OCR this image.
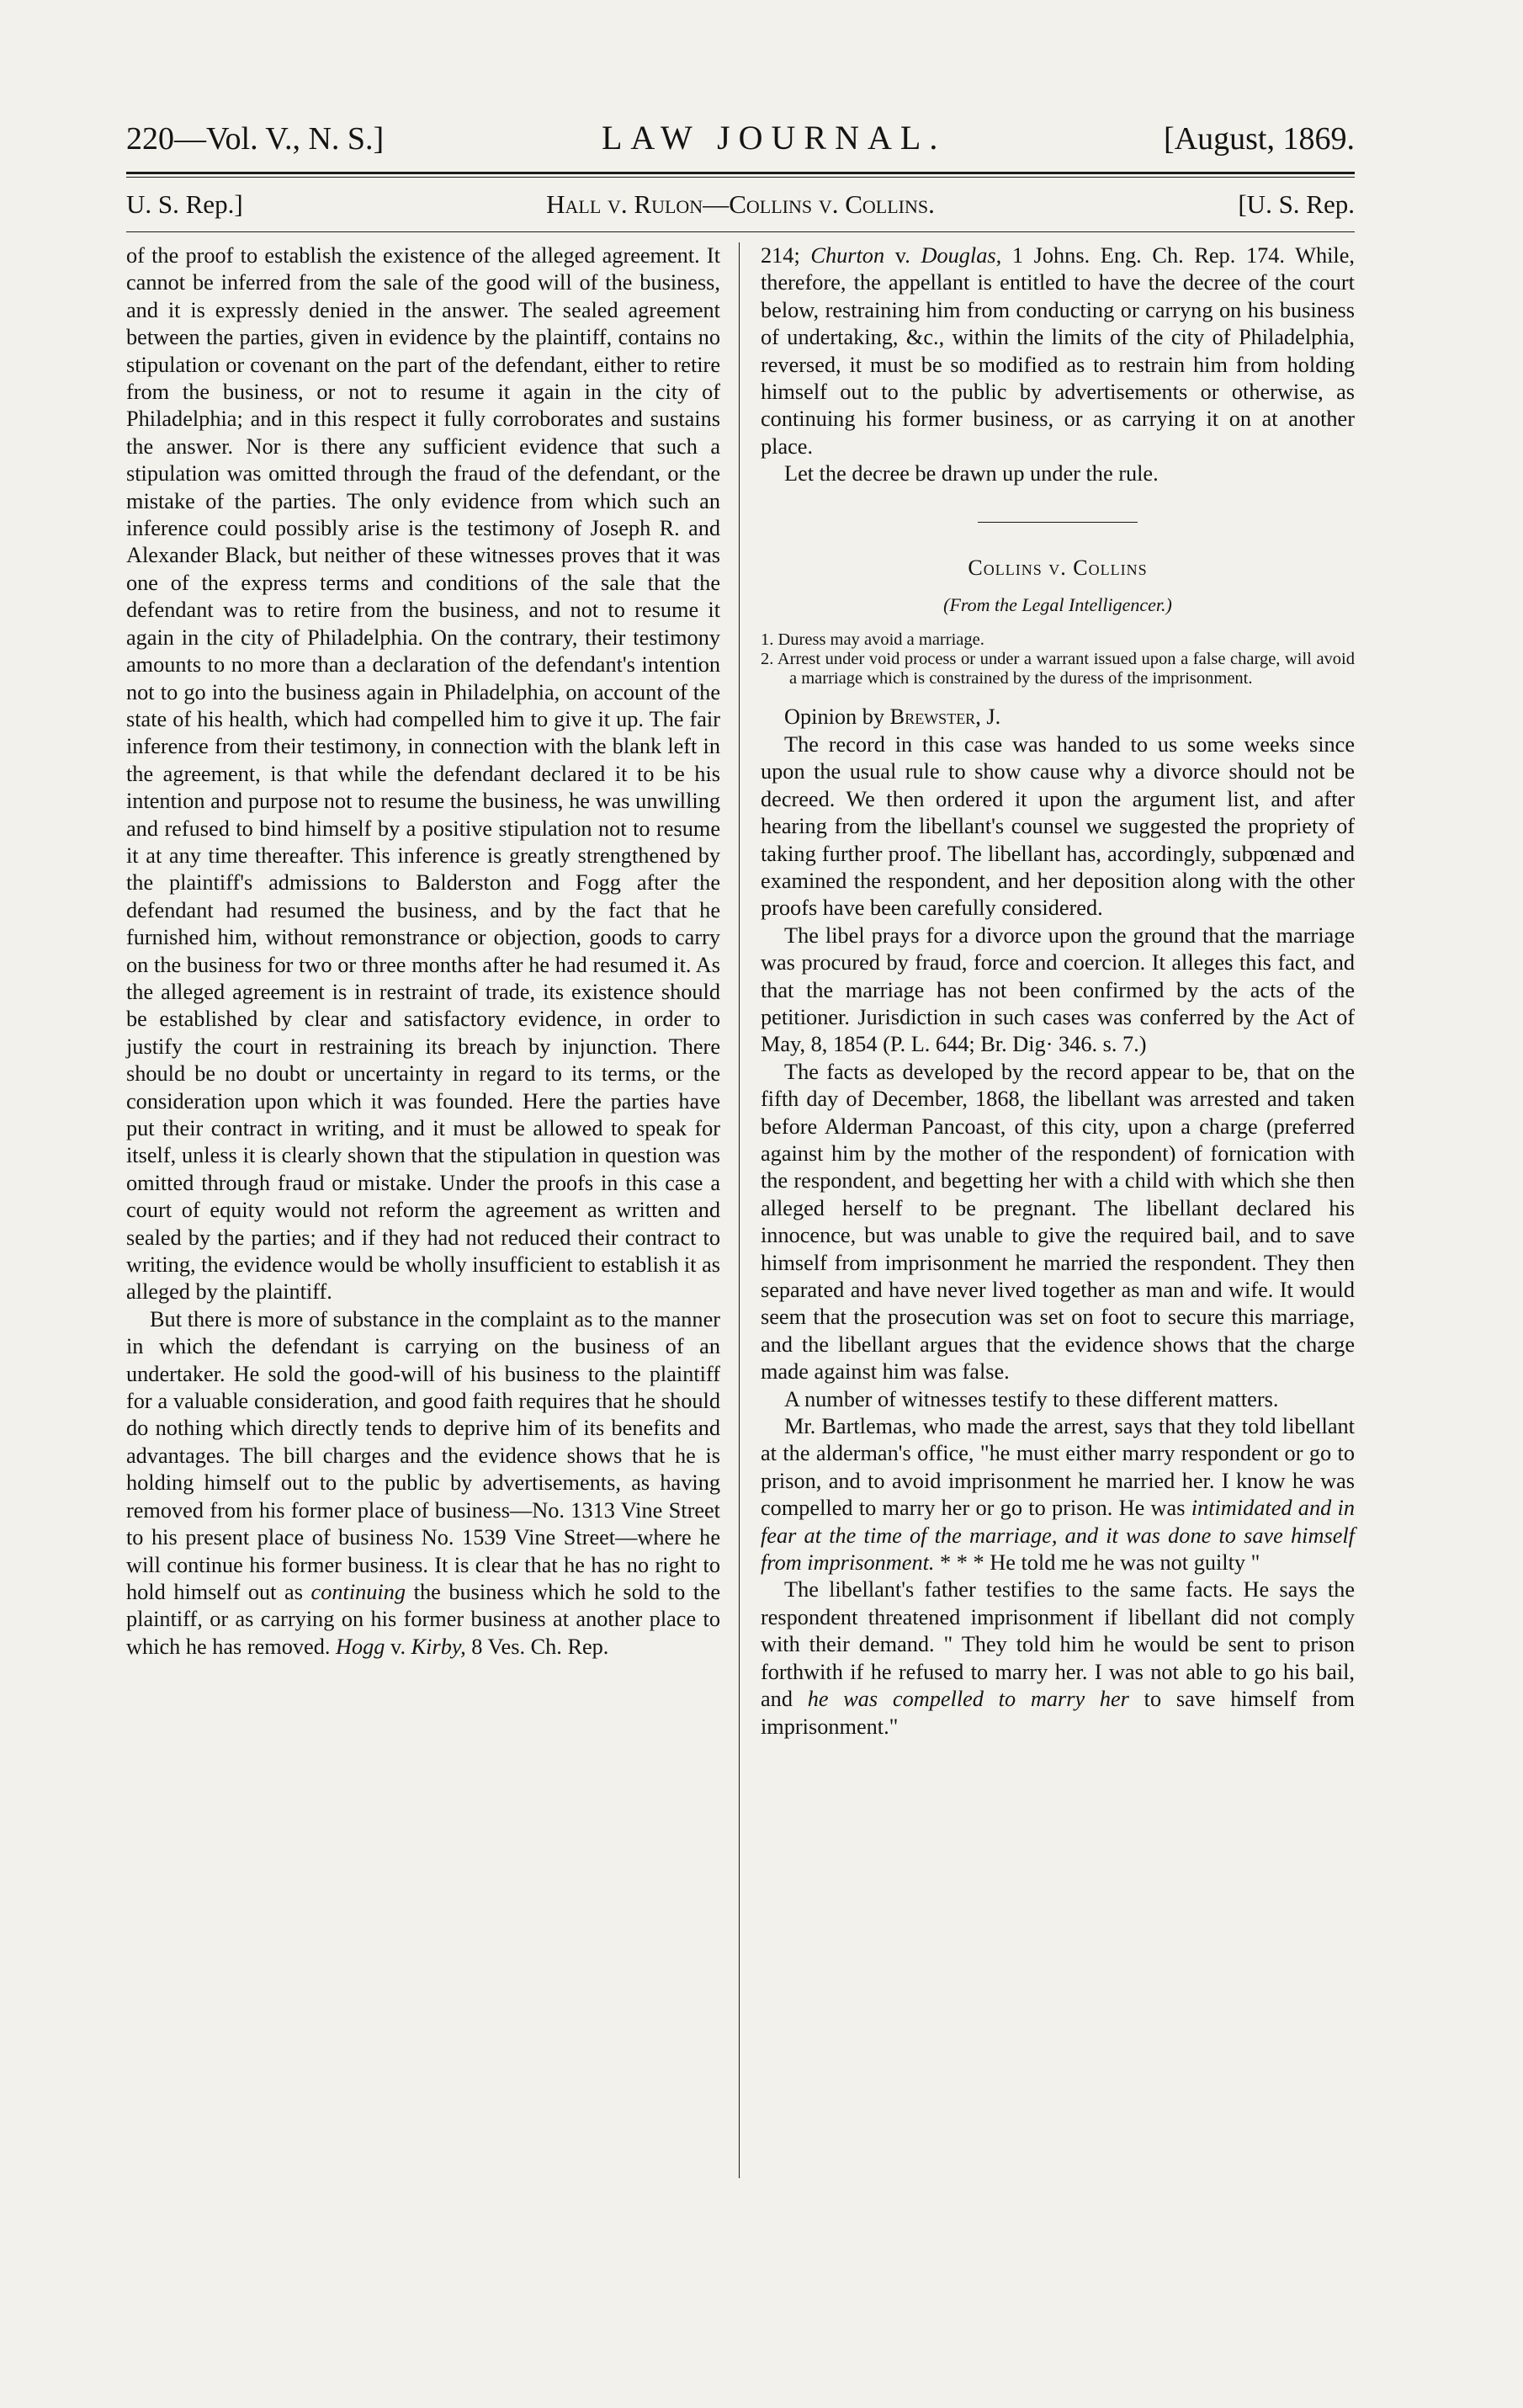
220—Vol. V., N. S.]	LAW JOURNAL.	[August, 1869.
U. S. Rep.]	Hall v. Rulon—Collins v. Collins.	[U. S. Rep.

of the proof to establish the existence of the alleged agreement. It cannot be inferred from the sale of the good will of the business, and it is expressly denied in the answer. The sealed agreement between the parties, given in evidence by the plaintiff, contains no stipulation or covenant on the part of the defendant, either to retire from the business, or not to resume it again in the city of Philadelphia; and in this respect it fully corroborates and sustains the answer. Nor is there any sufficient evidence that such a stipulation was omitted through the fraud of the defendant, or the mistake of the parties. The only evidence from which such an inference could possibly arise is the testimony of Joseph R. and Alexander Black, but neither of these witnesses proves that it was one of the express terms and conditions of the sale that the defendant was to retire from the business, and not to resume it again in the city of Philadelphia. On the contrary, their testimony amounts to no more than a declaration of the defendant's intention not to go into the business again in Philadelphia, on account of the state of his health, which had compelled him to give it up. The fair inference from their testimony, in connection with the blank left in the agreement, is that while the defendant declared it to be his intention and purpose not to resume the business, he was unwilling and refused to bind himself by a positive stipulation not to resume it at any time thereafter. This inference is greatly strengthened by the plaintiff's admissions to Balderston and Fogg after the defendant had resumed the business, and by the fact that he furnished him, without remonstrance or objection, goods to carry on the business for two or three months after he had resumed it. As the alleged agreement is in restraint of trade, its existence should be established by clear and satisfactory evidence, in order to justify the court in restraining its breach by injunction. There should be no doubt or uncertainty in regard to its terms, or the consideration upon which it was founded. Here the parties have put their contract in writing, and it must be allowed to speak for itself, unless it is clearly shown that the stipulation in question was omitted through fraud or mistake. Under the proofs in this case a court of equity would not reform the agreement as written and sealed by the parties; and if they had not reduced their contract to writing, the evidence would be wholly insufficient to establish it as alleged by the plaintiff.

But there is more of substance in the complaint as to the manner in which the defendant is carrying on the business of an undertaker. He sold the good-will of his business to the plaintiff for a valuable consideration, and good faith requires that he should do nothing which directly tends to deprive him of its benefits and advantages. The bill charges and the evidence shows that he is holding himself out to the public by advertisements, as having removed from his former place of business—No. 1313 Vine Street to his present place of business No. 1539 Vine Street—where he will continue his former business. It is clear that he has no right to hold himself out as continuing the business which he sold to the plaintiff, or as carrying on his former business at another place to which he has removed. Hogg v. Kirby, 8 Ves. Ch. Rep.

214; Churton v. Douglas, 1 Johns. Eng. Ch. Rep. 174. While, therefore, the appellant is entitled to have the decree of the court below, restraining him from conducting or carryng on his business of undertaking, &c., within the limits of the city of Philadelphia, reversed, it must be so modified as to restrain him from holding himself out to the public by advertisements or otherwise, as continuing his former business, or as carrying it on at another place.

Let the decree be drawn up under the rule.

Collins v. Collins
(From the Legal Intelligencer.)
1. Duress may avoid a marriage.
2. Arrest under void process or under a warrant issued upon a false charge, will avoid a marriage which is constrained by the duress of the imprisonment.

Opinion by Brewster, J.

The record in this case was handed to us some weeks since upon the usual rule to show cause why a divorce should not be decreed. We then ordered it upon the argument list, and after hearing from the libellant's counsel we suggested the propriety of taking further proof. The libellant has, accordingly, subpœnæd and examined the respondent, and her deposition along with the other proofs have been carefully considered.

The libel prays for a divorce upon the ground that the marriage was procured by fraud, force and coercion. It alleges this fact, and that the marriage has not been confirmed by the acts of the petitioner. Jurisdiction in such cases was conferred by the Act of May, 8, 1854 (P. L. 644; Br. Dig· 346. s. 7.)

The facts as developed by the record appear to be, that on the fifth day of December, 1868, the libellant was arrested and taken before Alderman Pancoast, of this city, upon a charge (preferred against him by the mother of the respondent) of fornication with the respondent, and begetting her with a child with which she then alleged herself to be pregnant. The libellant declared his innocence, but was unable to give the required bail, and to save himself from imprisonment he married the respondent. They then separated and have never lived together as man and wife. It would seem that the prosecution was set on foot to secure this marriage, and the libellant argues that the evidence shows that the charge made against him was false.

A number of witnesses testify to these different matters.

Mr. Bartlemas, who made the arrest, says that they told libellant at the alderman's office, "he must either marry respondent or go to prison, and to avoid imprisonment he married her. I know he was compelled to marry her or go to prison. He was intimidated and in fear at the time of the marriage, and it was done to save himself from imprisonment. * * * He told me he was not guilty "

The libellant's father testifies to the same facts. He says the respondent threatened imprisonment if libellant did not comply with their demand. " They told him he would be sent to prison forthwith if he refused to marry her. I was not able to go his bail, and he was compelled to marry her to save himself from imprisonment."
